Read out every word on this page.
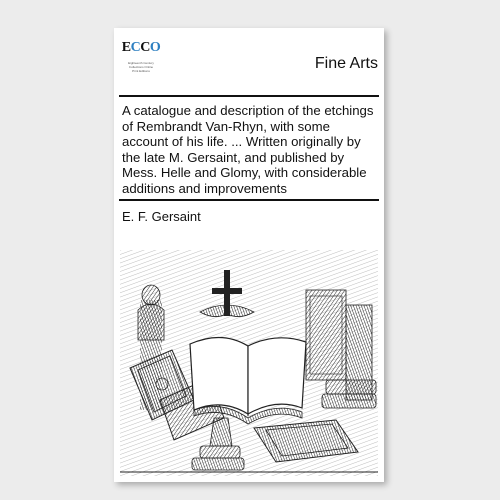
ECCO
Eighteenth Century
Collections Online
Print Editions	Fine Arts
A catalogue and description of the etchings of Rembrandt Van-Rhyn, with some account of his life. ... Written originally by the late M. Gersaint, and published by Mess. Helle and Glomy, with considerable additions and improvements
E. F. Gersaint
